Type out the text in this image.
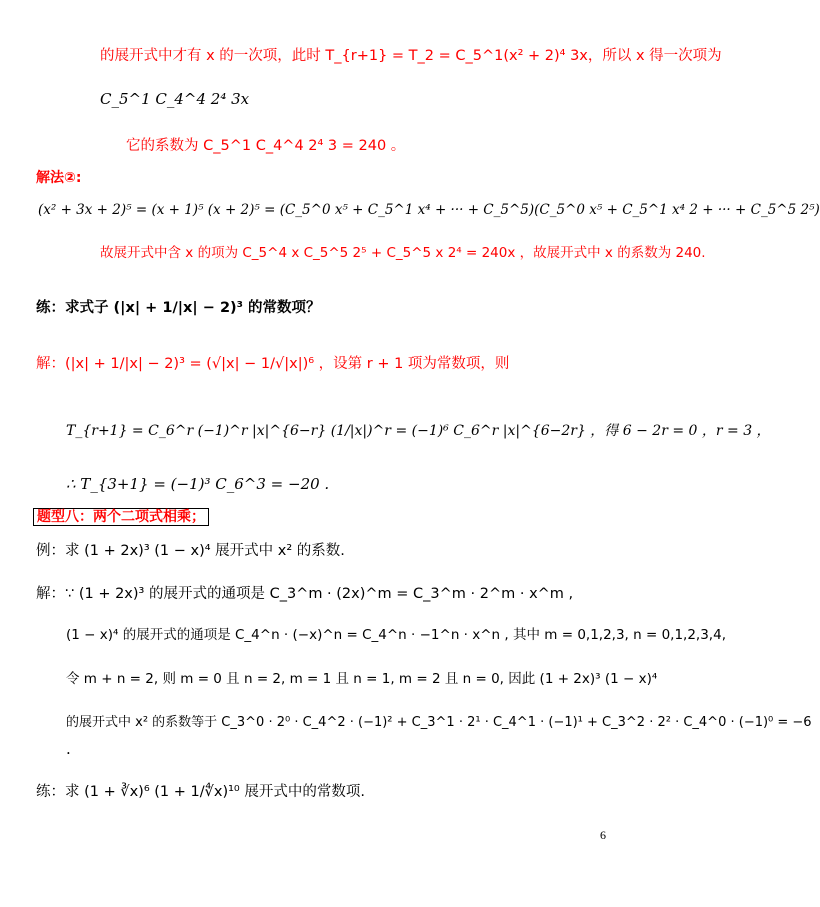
的展开式中才有 x 的一次项，此时 T_{r+1} = T_2 = C_5^1(x² + 2)⁴ 3x，所以 x 得一次项为
C_5^1 C_4^4 2⁴ 3x
它的系数为 C_5^1 C_4^4 2⁴ 3 = 240 。
解法②:
(x² + 3x + 2)⁵ = (x + 1)⁵ (x + 2)⁵ = (C_5^0 x⁵ + C_5^1 x⁴ + ··· + C_5^5)(C_5^0 x⁵ + C_5^1 x⁴ 2 + ··· + C_5^5 2⁵)
故展开式中含 x 的项为 C_5^4 x C_5^5 2⁵ + C_5^5 x 2⁴ = 240x ，故展开式中 x 的系数为 240.
练：求式子 (|x| + 1/|x| − 2)³ 的常数项？
解：(|x| + 1/|x| − 2)³ = (√|x| − 1/√|x|)⁶ ，设第 r + 1 项为常数项，则
T_{r+1} = C_6^r (−1)^r |x|^{6−r} (1/|x|)^r = (−1)⁶ C_6^r |x|^{6−2r} ，得 6 − 2r = 0 ，r = 3 ，
∴ T_{3+1} = (−1)³ C_6^3 = −20 .
题型八：两个二项式相乘；
例：求 (1 + 2x)³ (1 − x)⁴ 展开式中 x² 的系数.
解：∵ (1 + 2x)³ 的展开式的通项是 C_3^m · (2x)^m = C_3^m · 2^m · x^m ,
(1 − x)⁴ 的展开式的通项是 C_4^n · (−x)^n = C_4^n · −1^n · x^n , 其中 m = 0,1,2,3, n = 0,1,2,3,4,
令 m + n = 2, 则 m = 0 且 n = 2, m = 1 且 n = 1, m = 2 且 n = 0, 因此 (1 + 2x)³ (1 − x)⁴
的展开式中 x² 的系数等于 C_3^0 · 2⁰ · C_4^2 · (−1)² + C_3^1 · 2¹ · C_4^1 · (−1)¹ + C_3^2 · 2² · C_4^0 · (−1)⁰ = −6
.
练：求 (1 + ∛x)⁶ (1 + 1/∜x)¹⁰ 展开式中的常数项.
6
